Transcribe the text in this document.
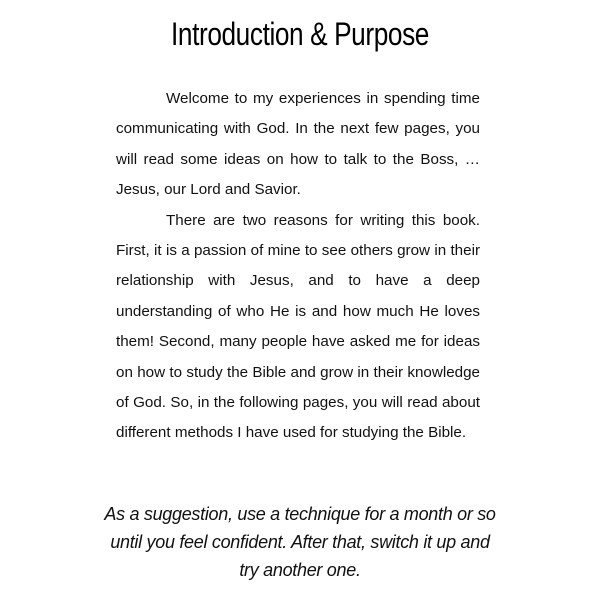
Introduction & Purpose

Welcome to my experiences in spending time communicating with God. In the next few pages, you will read some ideas on how to talk to the Boss, …Jesus, our Lord and Savior.

There are two reasons for writing this book. First, it is a passion of mine to see others grow in their relationship with Jesus, and to have a deep understanding of who He is and how much He loves them! Second, many people have asked me for ideas on how to study the Bible and grow in their knowledge of God. So, in the following pages, you will read about different methods I have used for studying the Bible.

As a suggestion, use a technique for a month or so until you feel confident. After that, switch it up and try another one.
